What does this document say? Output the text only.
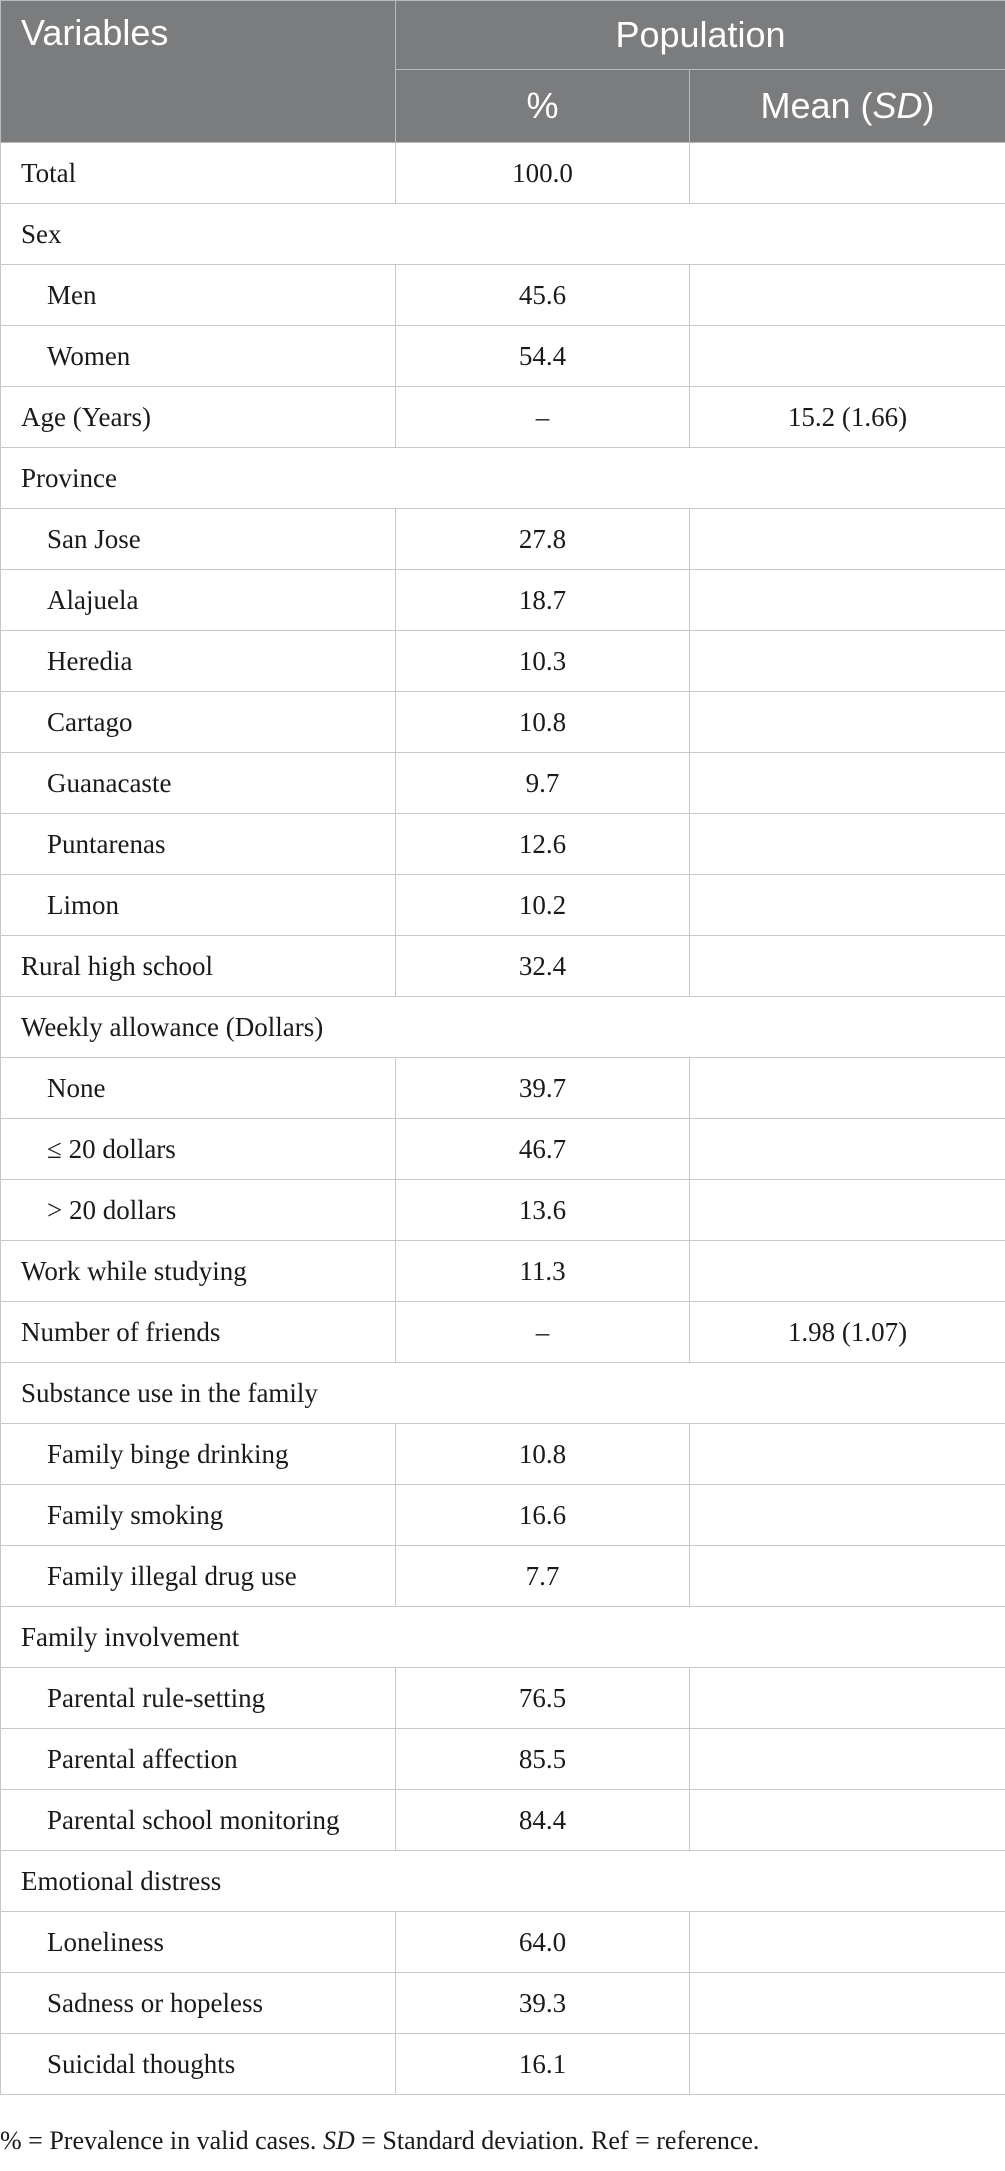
Variables	Population	
	%	Mean (SD)
Total	100.0	
Sex		
Men	45.6	
Women	54.4	
Age (Years)	–	15.2 (1.66)
Province		
San Jose	27.8	
Alajuela	18.7	
Heredia	10.3	
Cartago	10.8	
Guanacaste	9.7	
Puntarenas	12.6	
Limon	10.2	
Rural high school	32.4	
Weekly allowance (Dollars)		
None	39.7	
≤ 20 dollars	46.7	
> 20 dollars	13.6	
Work while studying	11.3	
Number of friends	–	1.98 (1.07)
Substance use in the family		
Family binge drinking	10.8	
Family smoking	16.6	
Family illegal drug use	7.7	
Family involvement		
Parental rule-setting	76.5	
Parental affection	85.5	
Parental school monitoring	84.4	
Emotional distress		
Loneliness	64.0	
Sadness or hopeless	39.3	
Suicidal thoughts	16.1	
% = Prevalence in valid cases. SD = Standard deviation. Ref = reference.
